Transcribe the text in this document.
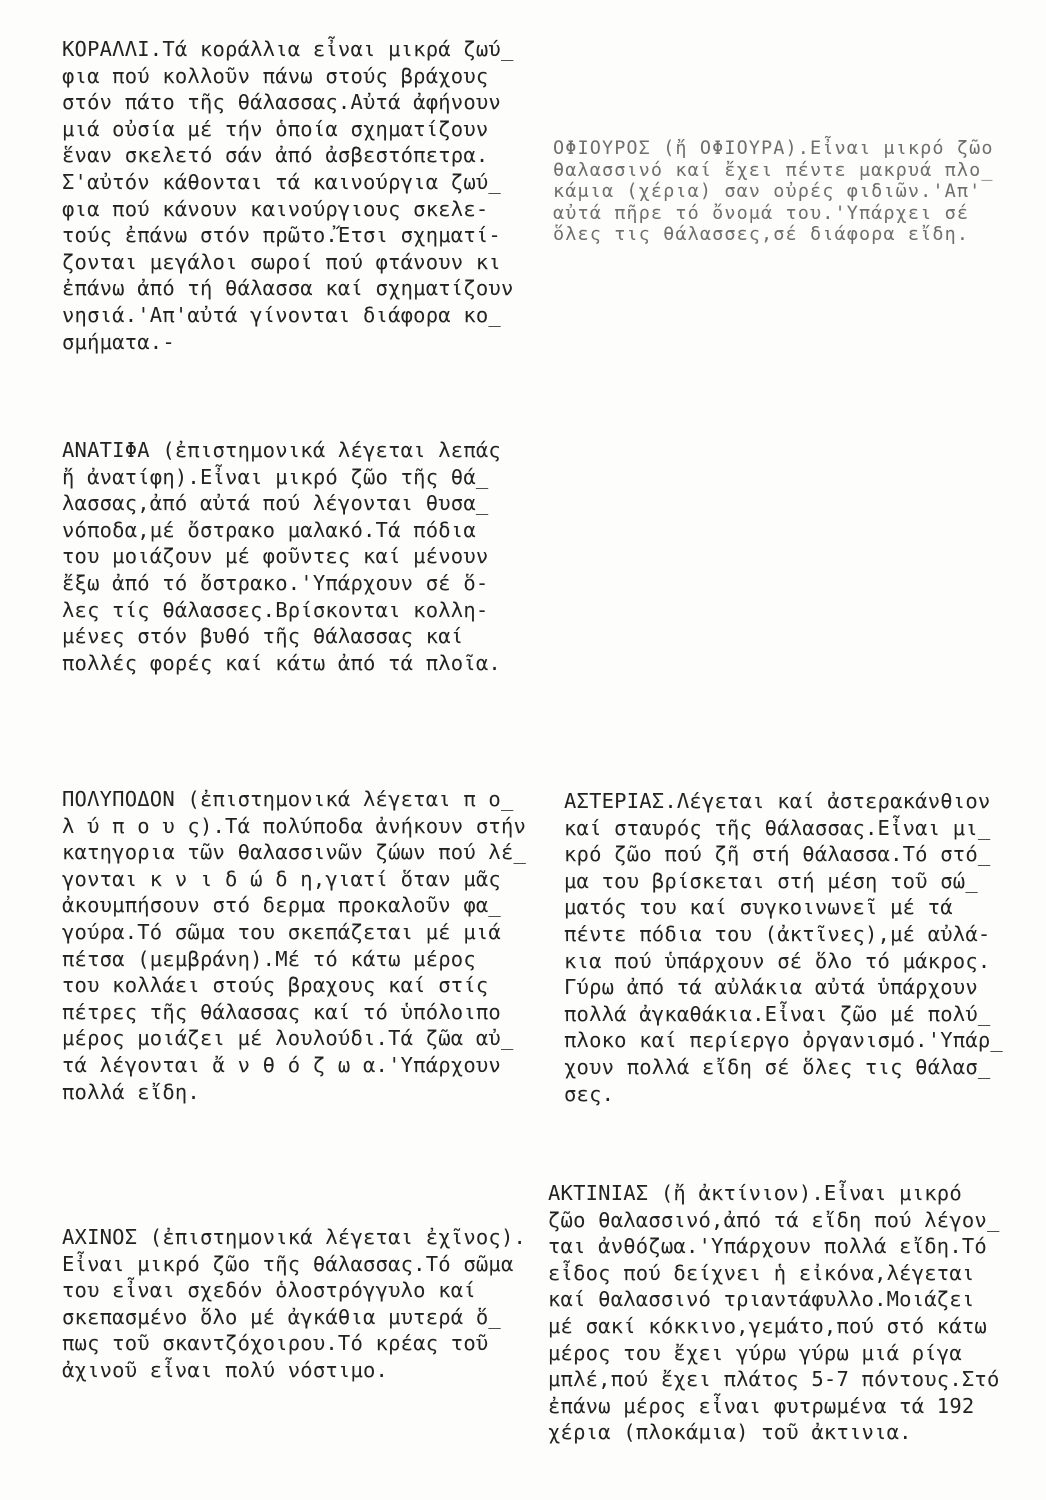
ΚΟΡΑΛΛΙ.Τά κοράλλια εἶναι μικρά ζωύ_
φια πού κολλοῦν πάνω στούς βράχους
στόν πάτο τῆς θάλασσας.Αὐτά ἀφήνουν
μιά οὐσία μέ τήν ὁποία σχηματίζουν
ἕναν σκελετό σάν ἀπό ἀσβεστόπετρα.
Σ'αὐτόν κάθονται τά καινούργια ζωύ_
φια πού κάνουν καινούργιους σκελε-
τούς ἐπάνω στόν πρῶτο.Ἔτσι σχηματί-
ζονται μεγάλοι σωροί πού φτάνουν κι
ἐπάνω ἀπό τή θάλασσα καί σχηματίζουν
νησιά.'Απ'αὐτά γίνονται διάφορα κο_
σμήματα.-
ΟΦΙΟΥΡΟΣ (ἤ ΟΦΙΟΥΡΑ).Εἶναι μικρό ζῶο
θαλασσινό καί ἔχει πέντε μακρυά πλο_
κάμια (χέρια) σαν οὐρές φιδιῶν.'Απ'
αὐτά πῆρε τό ὄνομά του.'Υπάρχει σέ
ὅλες τις θάλασσες,σέ διάφορα εἴδη.
ΑΝΑΤΙΦΑ (ἐπιστημονικά λέγεται λεπάς
ἤ ἀνατίφη).Εἶναι μικρό ζῶο τῆς θά_
λασσας,ἀπό αὐτά πού λέγονται θυσα_
νόποδα,μέ ὄστρακο μαλακό.Τά πόδια
του μοιάζουν μέ φοῦντες καί μένουν
ἔξω ἀπό τό ὄστρακο.'Υπάρχουν σέ ὅ-
λες τίς θάλασσες.Βρίσκονται κολλη-
μένες στόν βυθό τῆς θάλασσας καί
πολλές φορές καί κάτω ἀπό τά πλοῖα.
ΠΟΛΥΠΟΔΟΝ (ἐπιστημονικά λέγεται π ο_
λ ύ π ο υ ς).Τά πολύποδα ἀνήκουν στήν
κατηγορια τῶν θαλασσινῶν ζώων πού λέ_
γονται κ ν ι δ ώ δ η,γιατί ὅταν μᾶς
ἀκουμπήσουν στό δερμα προκαλοῦν φα_
γούρα.Τό σῶμα του σκεπάζεται μέ μιά
πέτσα (μεμβράνη).Μέ τό κάτω μέρος
του κολλάει στούς βραχους καί στίς
πέτρες τῆς θάλασσας καί τό ὑπόλοιπο
μέρος μοιάζει μέ λουλούδι.Τά ζῶα αὐ_
τά λέγονται ἄ ν θ ό ζ ω α.'Υπάρχουν
πολλά εἴδη.
ΑΣΤΕΡΙΑΣ.Λέγεται καί ἀστερακάνθιον
καί σταυρός τῆς θάλασσας.Εἶναι μι_
κρό ζῶο πού ζῆ στή θάλασσα.Τό στό_
μα του βρίσκεται στή μέση τοῦ σώ_
ματός του καί συγκοινωνεῖ μέ τά
πέντε πόδια του (ἀκτῖνες),μέ αὐλά-
κια πού ὑπάρχουν σέ ὅλο τό μάκρος.
Γύρω ἀπό τά αὐλάκια αὐτά ὑπάρχουν
πολλά ἀγκαθάκια.Εἶναι ζῶο μέ πολύ_
πλοκο καί περίεργο ὀργανισμό.'Υπάρ_
χουν πολλά εἴδη σέ ὅλες τις θάλασ_
σες.
ΑΧΙΝΟΣ (ἐπιστημονικά λέγεται ἐχῖνος).
Εἶναι μικρό ζῶο τῆς θάλασσας.Τό σῶμα
του εἶναι σχεδόν ὁλοστρόγγυλο καί
σκεπασμένο ὅλο μέ ἀγκάθια μυτερά ὅ_
πως τοῦ σκαντζόχοιρου.Τό κρέας τοῦ
ἀχινοῦ εἶναι πολύ νόστιμο.
ΑΚΤΙΝΙΑΣ (ἤ ἀκτίνιον).Εἶναι μικρό
ζῶο θαλασσινό,ἀπό τά εἴδη πού λέγον_
ται ἀνθόζωα.'Υπάρχουν πολλά εἴδη.Τό
εἶδος πού δείχνει ἡ εἰκόνα,λέγεται
καί θαλασσινό τριαντάφυλλο.Μοιάζει
μέ σακί κόκκινο,γεμάτο,πού στό κάτω
μέρος του ἔχει γύρω γύρω μιά ρίγα
μπλέ,πού ἔχει πλάτος 5-7 πόντους.Στό
ἐπάνω μέρος εἶναι φυτρωμένα τά 192
χέρια (πλοκάμια) τοῦ ἀκτινια.
